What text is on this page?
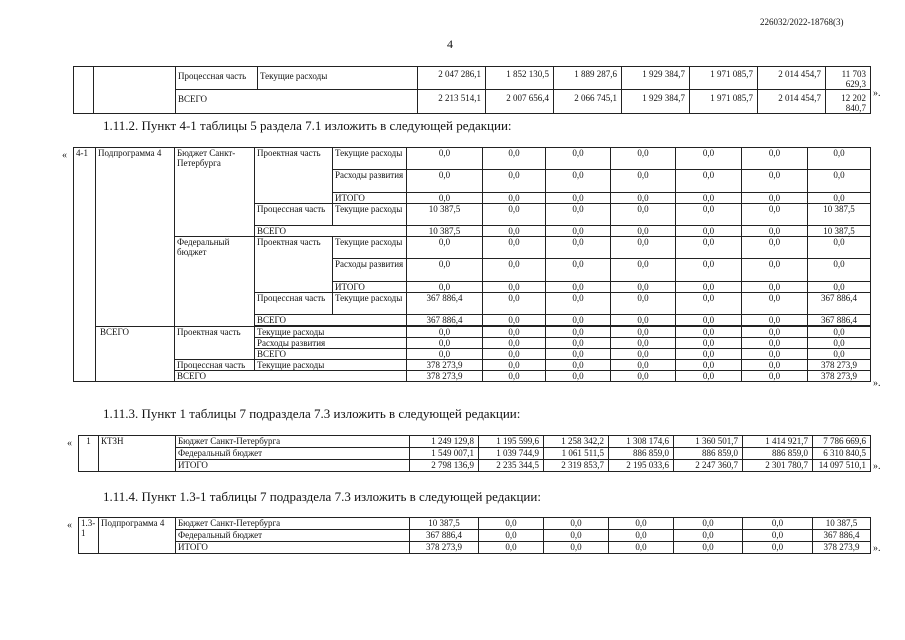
226032/2022-18768(3)
4
		Процессная часть	Текущие расходы	2 047 286,1	1 852 130,5	1 889 287,6	1 929 384,7	1 971 085,7	2 014 454,7	11 703 629,3
		ВСЕГО		2 213 514,1	2 007 656,4	2 066 745,1	1 929 384,7	1 971 085,7	2 014 454,7	12 202 840,7
».
1.11.2. Пункт 4-1 таблицы 5 раздела 7.1 изложить в следующей редакции:
« 4-1	Подпрограмма 4	Бюджет Санкт-Петербурга	Проектная часть	Текущие расходы	0,0	0,0	0,0	0,0	0,0	0,0	0,0
				Расходы развития	0,0	0,0	0,0	0,0	0,0	0,0	0,0
				ИТОГО	0,0	0,0	0,0	0,0	0,0	0,0	0,0
			Процессная часть	Текущие расходы	10 387,5	0,0	0,0	0,0	0,0	0,0	10 387,5
			ВСЕГО		10 387,5	0,0	0,0	0,0	0,0	0,0	10 387,5
		Федеральный бюджет	Проектная часть	Текущие расходы	0,0	0,0	0,0	0,0	0,0	0,0	0,0
				Расходы развития	0,0	0,0	0,0	0,0	0,0	0,0	0,0
				ИТОГО	0,0	0,0	0,0	0,0	0,0	0,0	0,0
			Процессная часть	Текущие расходы	367 886,4	0,0	0,0	0,0	0,0	0,0	367 886,4
			ВСЕГО		367 886,4	0,0	0,0	0,0	0,0	0,0	367 886,4

	ВСЕГО	Проектная часть	Текущие расходы		0,0	0,0	0,0	0,0	0,0	0,0	0,0
			Расходы развития		0,0	0,0	0,0	0,0	0,0	0,0	0,0
			ВСЕГО		0,0	0,0	0,0	0,0	0,0	0,0	0,0
		Процессная часть	Текущие расходы		378 273,9	0,0	0,0	0,0	0,0	0,0	378 273,9
		ВСЕГО			378 273,9	0,0	0,0	0,0	0,0	0,0	378 273,9
».
1.11.3. Пункт 1 таблицы 7 подраздела 7.3 изложить в следующей редакции:
« 1	КТЗН	Бюджет Санкт-Петербурга	1 249 129,8	1 195 599,6	1 258 342,2	1 308 174,6	1 360 501,7	1 414 921,7	7 786 669,6
		Федеральный бюджет	1 549 007,1	1 039 744,9	1 061 511,5	886 859,0	886 859,0	886 859,0	6 310 840,5
		ИТОГО	2 798 136,9	2 235 344,5	2 319 853,7	2 195 033,6	2 247 360,7	2 301 780,7	14 097 510,1 ».
1.11.4. Пункт 1.3-1 таблицы 7 подраздела 7.3 изложить в следующей редакции:
« 1.3-1	Подпрограмма 4	Бюджет Санкт-Петербурга	10 387,5	0,0	0,0	0,0	0,0	0,0	10 387,5
		Федеральный бюджет	367 886,4	0,0	0,0	0,0	0,0	0,0	367 886,4
		ИТОГО	378 273,9	0,0	0,0	0,0	0,0	0,0	378 273,9 ».
